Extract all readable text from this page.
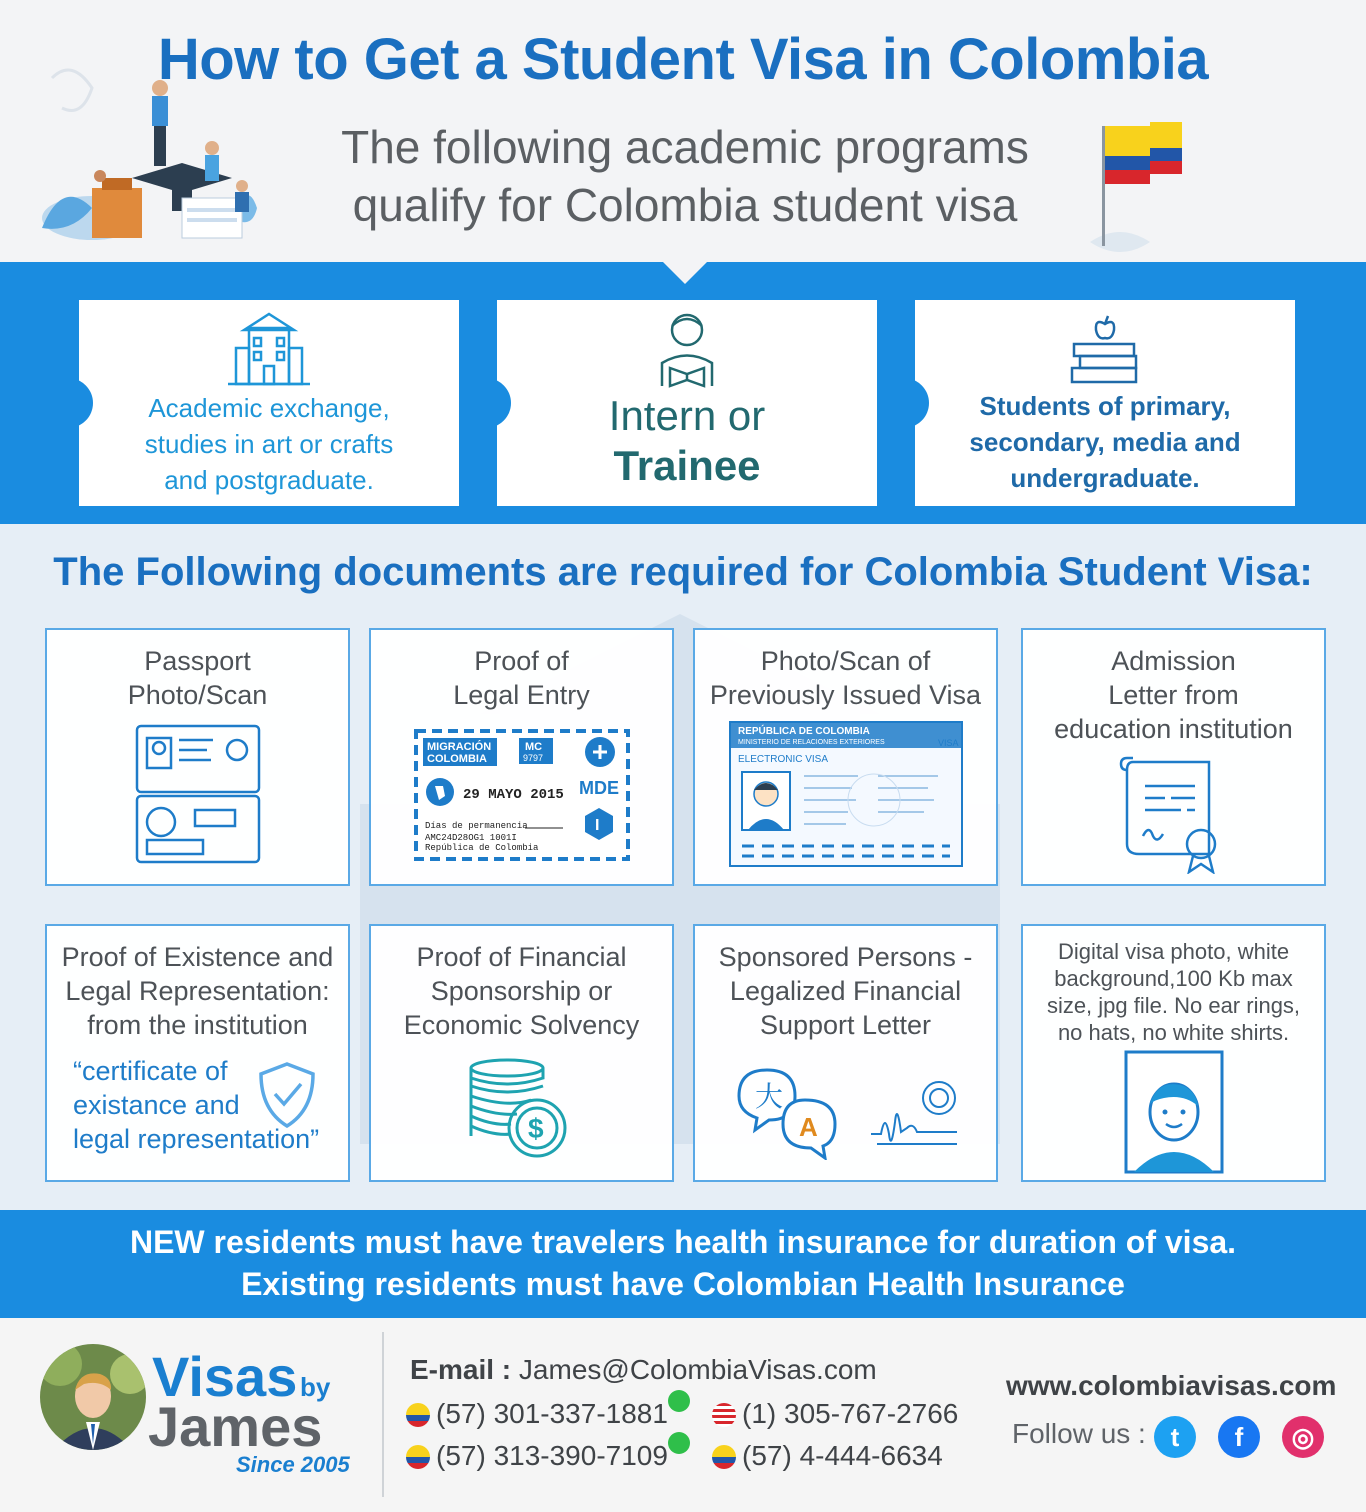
How to Get a Student Visa in Colombia
The following academic programs
qualify for Colombia student visa
Academic exchange,
studies in art or crafts
and postgraduate.
Intern or
Trainee
Students of primary,
secondary, media and
undergraduate.
The Following documents are required for Colombia Student Visa:
Passport
Photo/Scan
Proof of
Legal Entry
MIGRACIÓN
COLOMBIA
MC
9797
29 MAYO 2015 MDE
I
Días de permanencia
AMC24D28OG1 1001I
República de Colombia
Photo/Scan of
Previously Issued Visa
REPÚBLICA DE COLOMBIA
MINISTERIO DE RELACIONES EXTERIORES	VISA
ELECTRONIC VISA
Admission
Letter from
education institution
Proof of Existence and
Legal Representation:
from the institution
“certificate of
existance and
legal representation”
Proof of Financial
Sponsorship or
Economic Solvency
$
Sponsored Persons -
Legalized Financial
Support Letter
大
A
Digital visa photo, white
background,100 Kb max
size, jpg file. No ear rings,
no hats, no white shirts.
NEW residents must have travelers health insurance for duration of visa.
Existing residents must have Colombian Health Insurance
Visas by
James
Since 2005
E-mail : James@ColombiaVisas.com
(57) 301-337-1881	(1) 305-767-2766
(57) 313-390-7109	(57) 4-444-6634
www.colombiavisas.com
Follow us : t	f	◎
